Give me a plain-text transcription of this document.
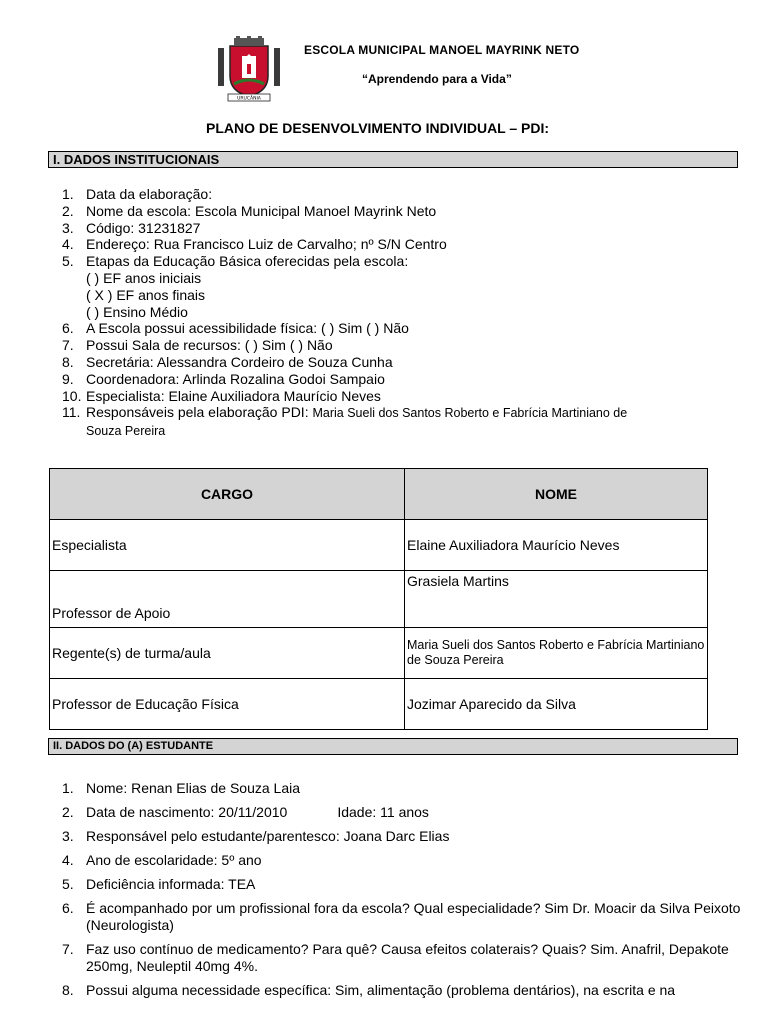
URUCÂNIA
ESCOLA MUNICIPAL MANOEL MAYRINK NETO
“Aprendendo para a Vida”
PLANO DE DESENVOLVIMENTO INDIVIDUAL – PDI:
I. DADOS INSTITUCIONAIS
1. Data da elaboração:
2. Nome da escola: Escola Municipal Manoel Mayrink Neto
3. Código: 31231827
4. Endereço: Rua Francisco Luiz de Carvalho; nº S/N Centro
5. Etapas da Educação Básica oferecidas pela escola:
( ) EF anos iniciais
( X ) EF anos finais
( ) Ensino Médio
6. A Escola possui acessibilidade física: ( ) Sim ( ) Não
7. Possui Sala de recursos: ( ) Sim ( ) Não
8. Secretária: Alessandra Cordeiro de Souza Cunha
9. Coordenadora: Arlinda Rozalina Godoi Sampaio
10. Especialista: Elaine Auxiliadora Maurício Neves
11. Responsáveis pela elaboração PDI: Maria Sueli dos Santos Roberto e Fabrícia Martiniano de
Souza Pereira
CARGO	NOME
Especialista	Elaine Auxiliadora Maurício Neves
Professor de Apoio	Grasiela Martins
Regente(s) de turma/aula	Maria Sueli dos Santos Roberto e Fabrícia Martiniano de Souza Pereira
Professor de Educação Física	Jozimar Aparecido da Silva
II. DADOS DO (A) ESTUDANTE
1. Nome: Renan Elias de Souza Laia
2. Data de nascimento: 20/11/2010	Idade: 11 anos
3. Responsável pelo estudante/parentesco: Joana Darc Elias
4. Ano de escolaridade: 5º ano
5. Deficiência informada: TEA
6. É acompanhado por um profissional fora da escola? Qual especialidade? Sim Dr. Moacir da Silva Peixoto (Neurologista)
7. Faz uso contínuo de medicamento? Para quê? Causa efeitos colaterais? Quais? Sim. Anafril, Depakote 250mg, Neuleptil 40mg 4%.
8. Possui alguma necessidade específica: Sim, alimentação (problema dentários), na escrita e na
